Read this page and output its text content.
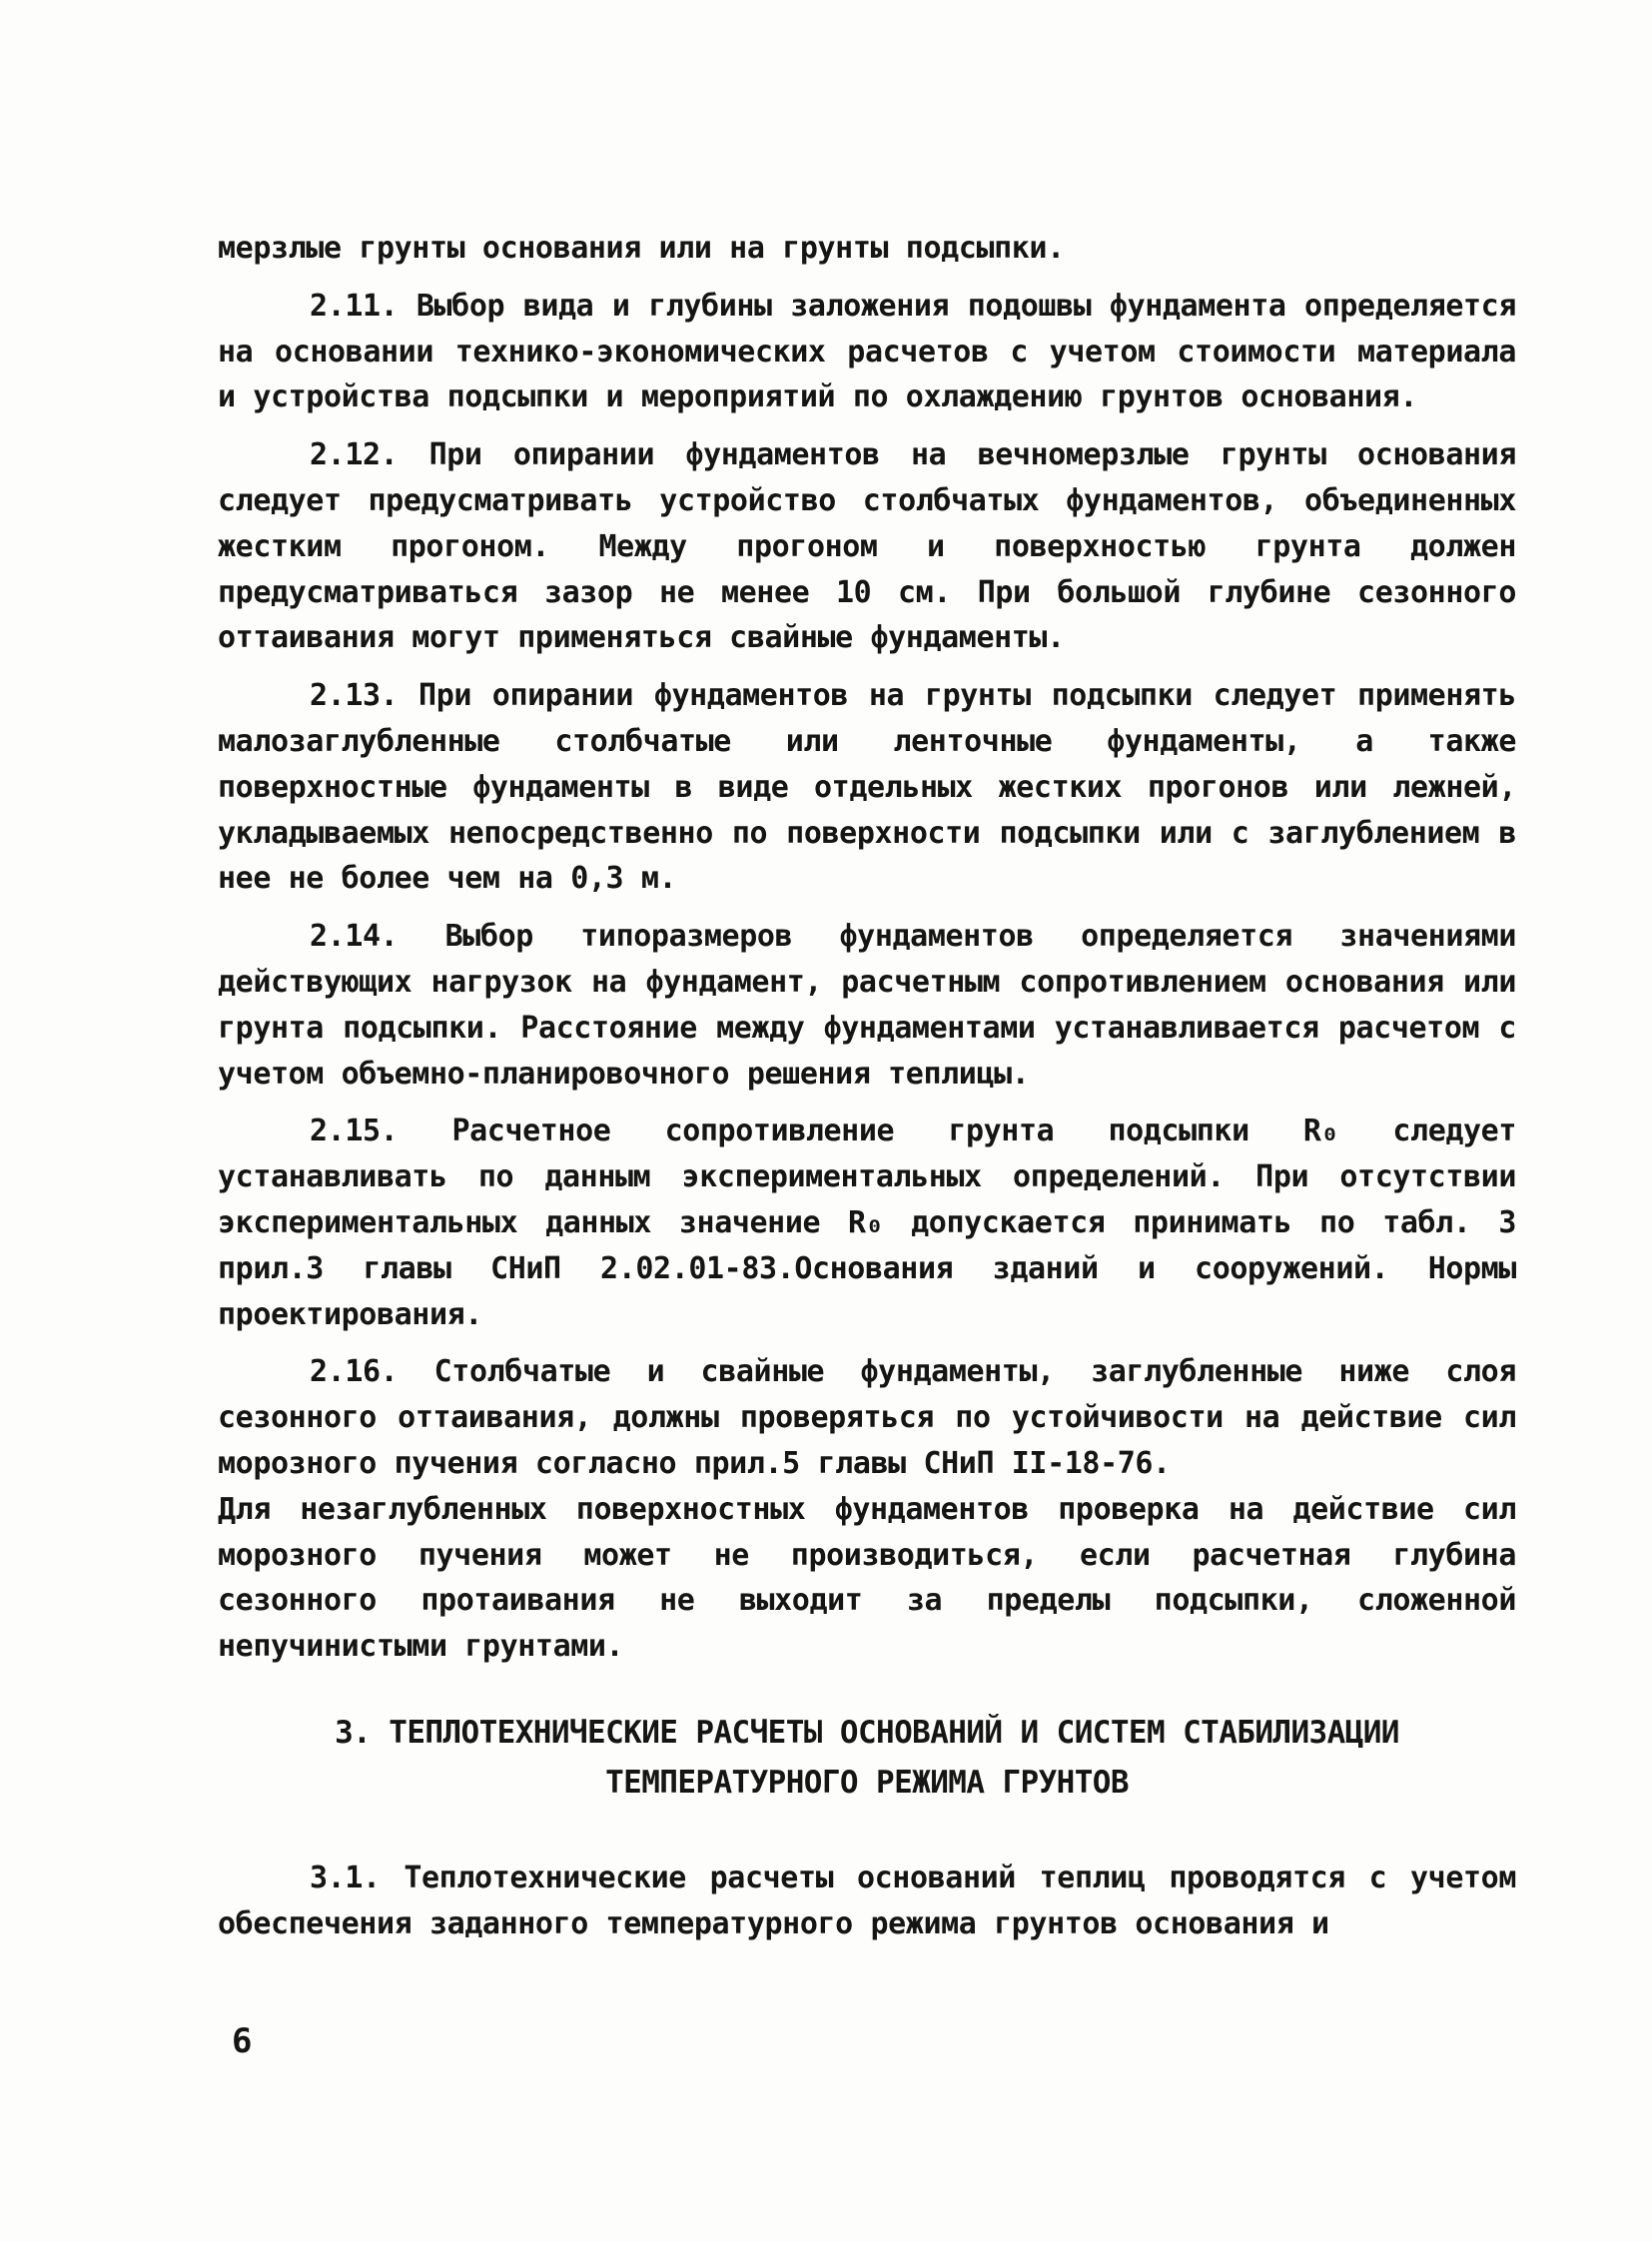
мерзлые грунты основания или на грунты подсыпки.

2.11. Выбор вида и глубины заложения подошвы фундамента определяется на основании технико-экономических расчетов с учетом стоимости материала и устройства подсыпки и мероприятий по охлаждению грунтов основания.

2.12. При опирании фундаментов на вечномерзлые грунты основания следует предусматривать устройство столбчатых фундаментов, объединенных жестким прогоном. Между прогоном и поверхностью грунта должен предусматриваться зазор не менее 10 см. При большой глубине сезонного оттаивания могут применяться свайные фундаменты.

2.13. При опирании фундаментов на грунты подсыпки следует применять малозаглубленные столбчатые или ленточные фундаменты, а также поверхностные фундаменты в виде отдельных жестких прогонов или лежней, укладываемых непосредственно по поверхности подсыпки или с заглублением в нее не более чем на 0,3 м.

2.14. Выбор типоразмеров фундаментов определяется значениями действующих нагрузок на фундамент, расчетным сопротивлением основания или грунта подсыпки. Расстояние между фундаментами устанавливается расчетом с учетом объемно-планировочного решения теплицы.

2.15. Расчетное сопротивление грунта подсыпки R₀ следует устанавливать по данным экспериментальных определений. При отсутствии экспериментальных данных значение R₀ допускается принимать по табл. 3 прил.3 главы СНиП 2.02.01-83.Основания зданий и сооружений. Нормы проектирования.

2.16. Столбчатые и свайные фундаменты, заглубленные ниже слоя сезонного оттаивания, должны проверяться по устойчивости на действие сил морозного пучения согласно прил.5 главы СНиП II-18-76.

Для незаглубленных поверхностных фундаментов проверка на действие сил морозного пучения может не производиться, если расчетная глубина сезонного протаивания не выходит за пределы подсыпки, сложенной непучинистыми грунтами.

3. ТЕПЛОТЕХНИЧЕСКИЕ РАСЧЕТЫ ОСНОВАНИЙ И СИСТЕМ СТАБИЛИЗАЦИИ
ТЕМПЕРАТУРНОГО РЕЖИМА ГРУНТОВ

3.1. Теплотехнические расчеты оснований теплиц проводятся с учетом обеспечения заданного температурного режима грунтов основания и

6
